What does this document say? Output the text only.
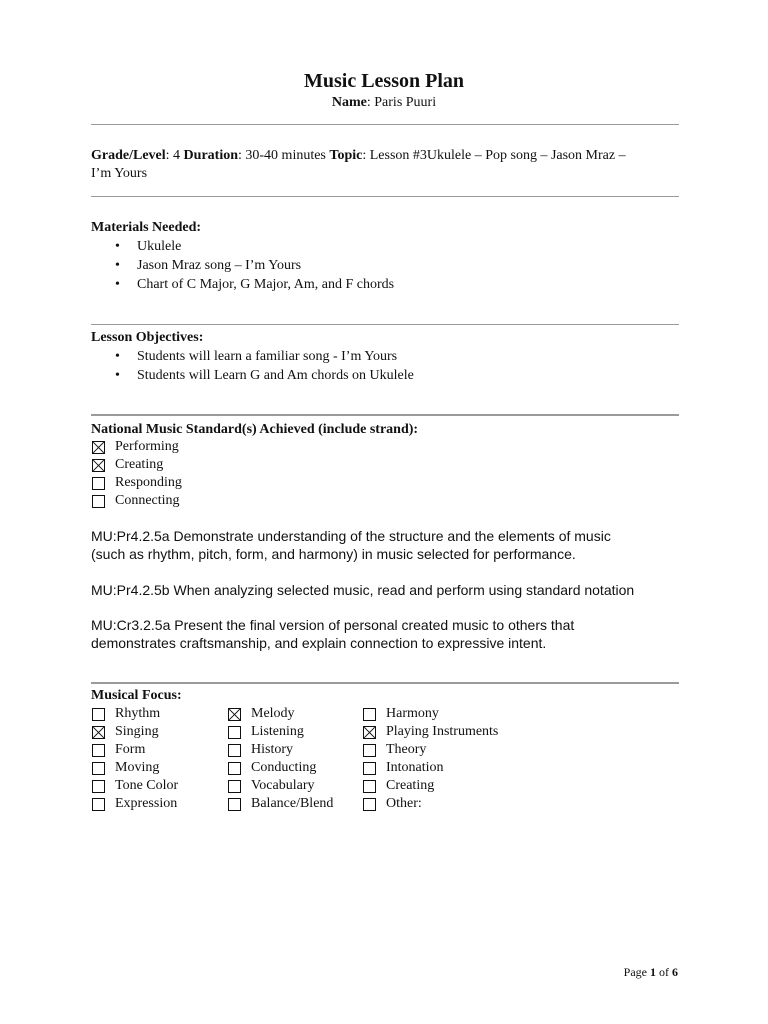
Music Lesson Plan
Name: Paris Puuri
Grade/Level: 4 Duration: 30-40 minutes Topic: Lesson #3Ukulele – Pop song – Jason Mraz –
I’m Yours
Materials Needed:
• Ukulele
• Jason Mraz song – I’m Yours
• Chart of C Major, G Major, Am, and F chords
Lesson Objectives:
• Students will learn a familiar song - I’m Yours
• Students will Learn G and Am chords on Ukulele
National Music Standard(s) Achieved (include strand):
Performing
Creating
Responding
Connecting
MU:Pr4.2.5a Demonstrate understanding of the structure and the elements of music
(such as rhythm, pitch, form, and harmony) in music selected for performance.
MU:Pr4.2.5b When analyzing selected music, read and perform using standard notation
MU:Cr3.2.5a Present the final version of personal created music to others that
demonstrates craftsmanship, and explain connection to expressive intent.
Musical Focus:
Rhythm
Singing
Form
Moving
Tone Color
Expression
Melody
Listening
History
Conducting
Vocabulary
Balance/Blend
Harmony
Playing Instruments
Theory
Intonation
Creating
Other:
Page 1 of 6
